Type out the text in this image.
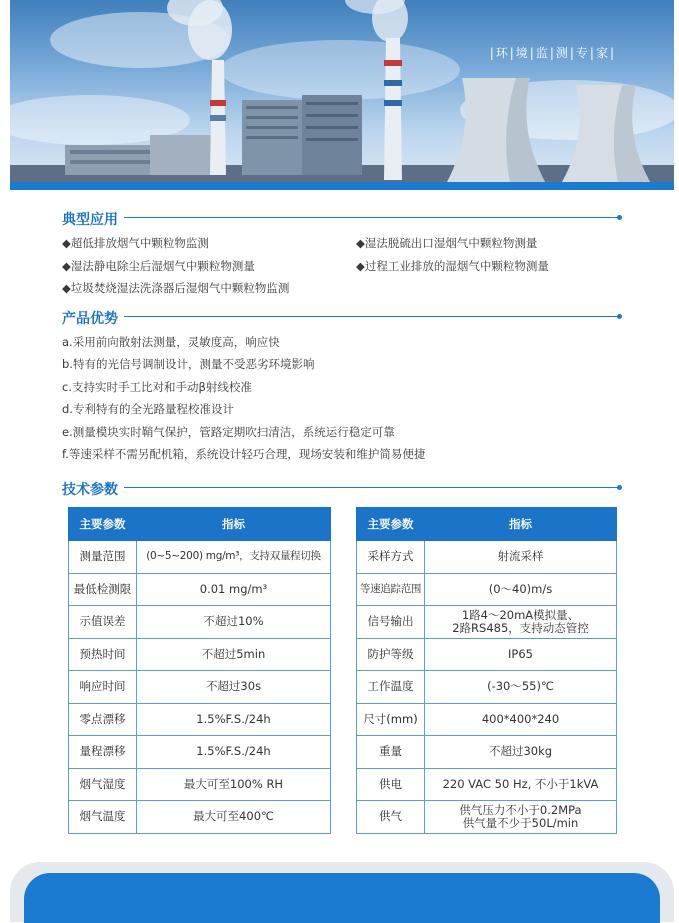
|环|境|监|测|专|家|
典型应用
◆超低排放烟气中颗粒物监测	◆湿法脱硫出口湿烟气中颗粒物测量
◆湿法静电除尘后湿烟气中颗粒物测量	◆过程工业排放的湿烟气中颗粒物测量
◆垃圾焚烧湿法洗涤器后湿烟气中颗粒物监测
产品优势
a.采用前向散射法测量，灵敏度高，响应快
b.特有的光信号调制设计，测量不受恶劣环境影响
c.支持实时手工比对和手动β射线校准
d.专利特有的全光路量程校准设计
e.测量模块实时鞘气保护，管路定期吹扫清洁，系统运行稳定可靠
f.等速采样不需另配机箱，系统设计轻巧合理，现场安装和维护简易便捷
技术参数
主要参数	指标
测量范围	(0~5~200) mg/m³，支持双量程切换
最低检测限	0.01 mg/m³
示值误差	不超过10%
预热时间	不超过5min
响应时间	不超过30s
零点漂移	1.5%F.S./24h
量程漂移	1.5%F.S./24h
烟气湿度	最大可至100% RH
烟气温度	最大可至400℃
主要参数	指标
采样方式	射流采样
等速追踪范围	(0～40)m/s
信号输出	1路4～20mA模拟量、
2路RS485，支持动态管控

防护等级	IP65
工作温度	(-30～55)℃
尺寸(mm)	400*400*240
重量	不超过30kg
供电	220 VAC 50 Hz, 不小于1kVA
供气	供气压力不小于0.2MPa
供气量不少于50L/min
